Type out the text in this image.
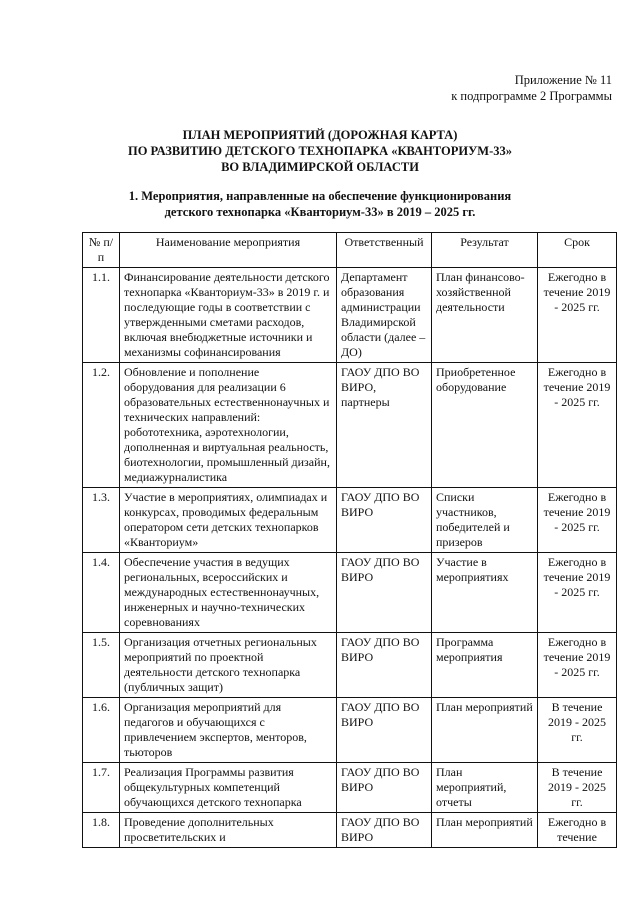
Приложение № 11
к подпрограмме 2 Программы
ПЛАН МЕРОПРИЯТИЙ (ДОРОЖНАЯ КАРТА)
ПО РАЗВИТИЮ ДЕТСКОГО ТЕХНОПАРКА «КВАНТОРИУМ-33»
ВО ВЛАДИМИРСКОЙ ОБЛАСТИ
1. Мероприятия, направленные на обеспечение функционирования
детского технопарка «Кванториум-33» в 2019 – 2025 гг.
№ п/п	Наименование мероприятия	Ответственный	Результат	Срок
1.1.	Финансирование деятельности детского технопарка «Кванториум-33» в 2019 г. и последующие годы в соответствии с утвержденными сметами расходов, включая внебюджетные источники и механизмы софинансирования	Департамент образования администрации Владимирской области (далее – ДО)	План финансово-хозяйственной деятельности	Ежегодно в течение 2019 - 2025 гг.
1.2.	Обновление и пополнение оборудования для реализации 6 образовательных естественнонаучных и технических направлений: робототехника, аэротехнологии, дополненная и виртуальная реальность, биотехнологии, промышленный дизайн, медиажурналистика	ГАОУ ДПО ВО ВИРО, партнеры	Приобретенное оборудование	Ежегодно в течение 2019 - 2025 гг.
1.3.	Участие в мероприятиях, олимпиадах и конкурсах, проводимых федеральным оператором сети детских технопарков «Кванториум»	ГАОУ ДПО ВО ВИРО	Списки участников, победителей и призеров	Ежегодно в течение 2019 - 2025 гг.
1.4.	Обеспечение участия в ведущих региональных, всероссийских и международных естественнонаучных, инженерных и научно-технических соревнованиях	ГАОУ ДПО ВО ВИРО	Участие в мероприятиях	Ежегодно в течение 2019 - 2025 гг.
1.5.	Организация отчетных региональных мероприятий по проектной деятельности детского технопарка (публичных защит)	ГАОУ ДПО ВО ВИРО	Программа мероприятия	Ежегодно в течение 2019 - 2025 гг.
1.6.	Организация мероприятий для педагогов и обучающихся с привлечением экспертов, менторов, тьюторов	ГАОУ ДПО ВО ВИРО	План мероприятий	В течение 2019 - 2025 гг.
1.7.	Реализация Программы развития общекультурных компетенций обучающихся детского технопарка	ГАОУ ДПО ВО ВИРО	План мероприятий, отчеты	В течение 2019 - 2025 гг.
1.8.	Проведение дополнительных просветительских и	ГАОУ ДПО ВО ВИРО	План мероприятий	Ежегодно в течение
